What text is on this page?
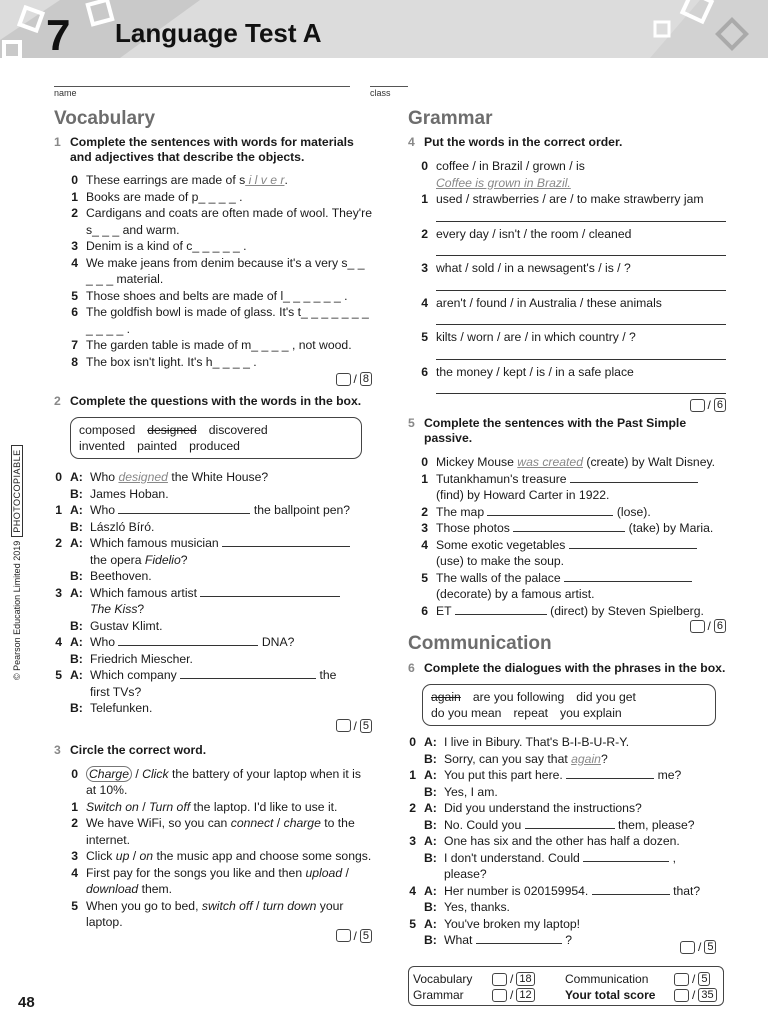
7 Language Test A
name	class
© Pearson Education Limited 2019
PHOTOCOPIABLE
Vocabulary
1 Complete the sentences with words for materials and adjectives that describe the objects.
0 These earrings are made of s i l v e r.
1 Books are made of p_ _ _ _ .
2 Cardigans and coats are often made of wool. They're s_ _ _ and warm.
3 Denim is a kind of c_ _ _ _ _ .
4 We make jeans from denim because it's a very s_ _ _ _ _ material.
5 Those shoes and belts are made of l_ _ _ _ _ _ .
6 The goldfish bowl is made of glass. It's t_ _ _ _ _ _ _ _ _ _ _ .
7 The garden table is made of m_ _ _ _ , not wood.
8 The box isn't light. It's h_ _ _ _ .
/ 8
2 Complete the questions with the words in the box.
composed designed discovered
invented painted produced
0 A: Who designed the White House?
B: James Hoban.
1 A: Who	the ballpoint pen?
B: László Bíró.
2 A: Which famous musician
the opera Fidelio?
B: Beethoven.
3 A: Which famous artist
The Kiss?
B: Gustav Klimt.
4 A: Who	DNA?
B: Friedrich Miescher.
5 A: Which company	the
first TVs?
B: Telefunken.
/ 5
3 Circle the correct word.
0 Charge / Click the battery of your laptop when it is at 10%.
1 Switch on / Turn off the laptop. I'd like to use it.
2 We have WiFi, so you can connect / charge to the internet.
3 Click up / on the music app and choose some songs.
4 First pay for the songs you like and then upload / download them.
5 When you go to bed, switch off / turn down your laptop.
/ 5
Grammar
4 Put the words in the correct order.
0 coffee / in Brazil / grown / is
Coffee is grown in Brazil.
1 used / strawberries / are / to make strawberry jam
2 every day / isn't / the room / cleaned
3 what / sold / in a newsagent's / is / ?
4 aren't / found / in Australia / these animals
5 kilts / worn / are / in which country / ?
6 the money / kept / is / in a safe place
/ 6
5 Complete the sentences with the Past Simple passive.
0 Mickey Mouse was created (create) by Walt Disney.
1 Tutankhamun's treasure
(find) by Howard Carter in 1922.
2 The map	(lose).
3 Those photos	(take) by Maria.
4 Some exotic vegetables
(use) to make the soup.
5 The walls of the palace
(decorate) by a famous artist.
6 ET	(direct) by Steven Spielberg.
/ 6
Communication
6 Complete the dialogues with the phrases in the box.
again are you following did you get
do you mean repeat you explain
0 A: I live in Bibury. That's B-I-B-U-R-Y.
B: Sorry, can you say that again?
1 A: You put this part here.	me?
B: Yes, I am.
2 A: Did you understand the instructions?
B: No. Could you	them, please?
3 A: One has six and the other has half a dozen.
B: I don't understand. Could	,
please?
4 A: Her number is 020159954.	that?
B: Yes, thanks.
5 A: You've broken my laptop!
B: What	?	/ 5
Vocabulary	/ 18
Grammar	/ 12
Communication	/ 5
Your total score	/ 35
48
